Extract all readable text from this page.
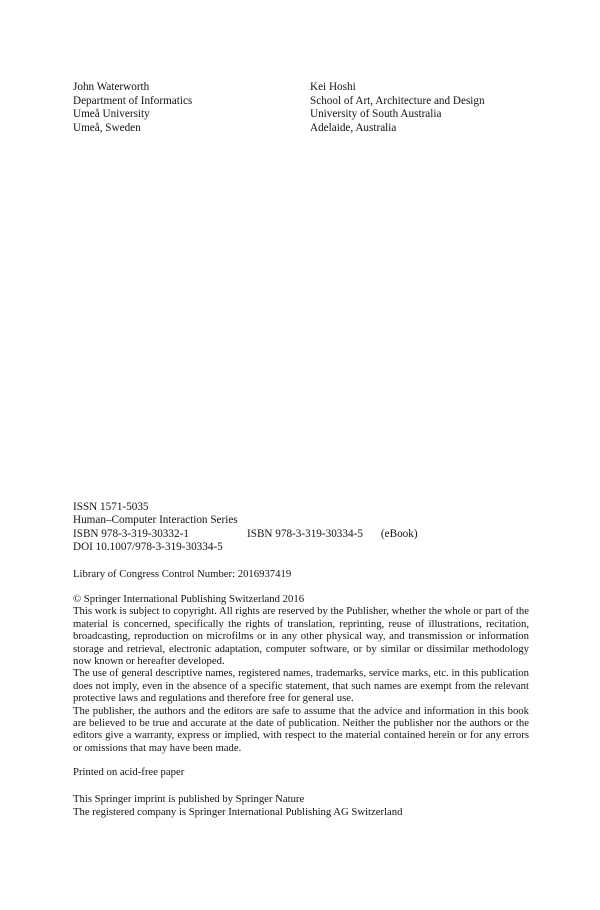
John Waterworth
Department of Informatics
Umeå University
Umeå, Sweden
Kei Hoshi
School of Art, Architecture and Design
University of South Australia
Adelaide, Australia
ISSN 1571-5035
Human–Computer Interaction Series
ISBN 978-3-319-30332-1	ISBN 978-3-319-30334-5 (eBook)
DOI 10.1007/978-3-319-30334-5
Library of Congress Control Number: 2016937419

© Springer International Publishing Switzerland 2016

This work is subject to copyright. All rights are reserved by the Publisher, whether the whole or part of the material is concerned, specifically the rights of translation, reprinting, reuse of illustrations, recitation, broadcasting, reproduction on microfilms or in any other physical way, and transmission or information storage and retrieval, electronic adaptation, computer software, or by similar or dissimilar methodology now known or hereafter developed.

The use of general descriptive names, registered names, trademarks, service marks, etc. in this publication does not imply, even in the absence of a specific statement, that such names are exempt from the relevant protective laws and regulations and therefore free for general use.

The publisher, the authors and the editors are safe to assume that the advice and information in this book are believed to be true and accurate at the date of publication. Neither the publisher nor the authors or the editors give a warranty, express or implied, with respect to the material contained herein or for any errors or omissions that may have been made.

Printed on acid-free paper
This Springer imprint is published by Springer Nature
The registered company is Springer International Publishing AG Switzerland
